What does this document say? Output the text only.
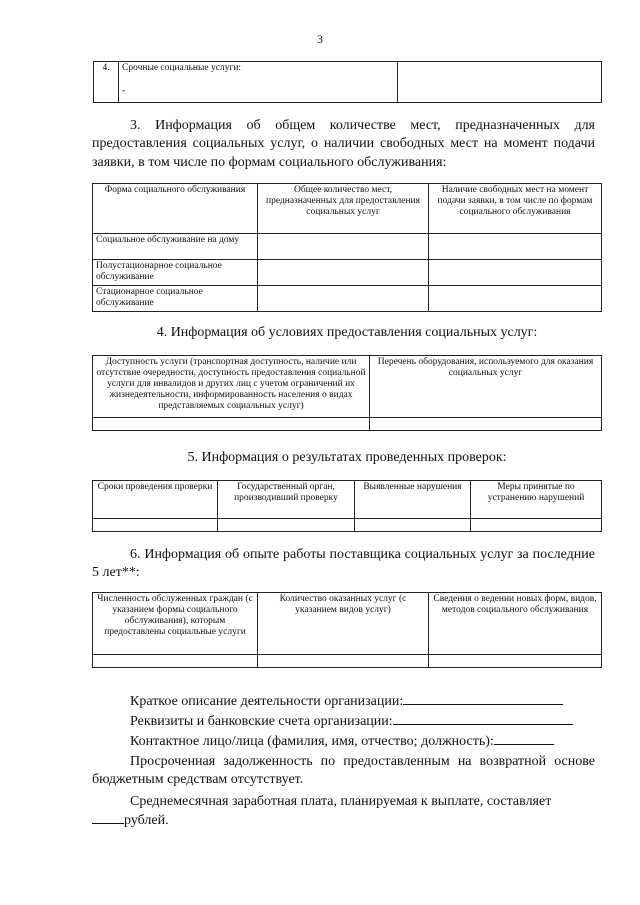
3
4.	Срочные социальные услуги:
-

3. Информация об общем количестве мест, предназначенных для предоставления социальных услуг, о наличии свободных мест на момент подачи заявки, в том числе по формам социального обслуживания:
Форма социального обслуживания	Общее количество мест, предназначенных для предоставления социальных услуг	Наличие свободных мест на момент подачи заявки, в том числе по формам социального обслуживания
Социальное обслуживание на дому		
Полустационарное социальное обслуживание		
Стационарное социальное обслуживание		
4. Информация об условиях предоставления социальных услуг:
Доступность услуги (транспортная доступность, наличие или отсутствие очередности, доступность предоставления социальной услуги для инвалидов и других лиц с учетом ограничений их жизнедеятельности, информированность населения о видах представляемых социальных услуг)	Перечень оборудования, используемого для оказания социальных услуг

5. Информация о результатах проведенных проверок:
Сроки проведения проверки	Государственный орган, производивший проверку	Выявленные нарушения	Меры принятые по устранению нарушений

6. Информация об опыте работы поставщика социальных услуг за последние 5 лет**:
Численность обслуженных граждан (с указанием формы социального обслуживания), которым предоставлены социальные услуги	Количество оказанных услуг (с указанием видов услуг)	Сведения о ведении новых форм, видов, методов социального обслуживания

Краткое описание деятельности организации:
Реквизиты и банковские счета организации:
Контактное лицо/лица (фамилия, имя, отчество; должность):
Просроченная задолженность по предоставленным на возвратной основе бюджетным средствам отсутствует.
Среднемесячная заработная плата, планируемая к выплате, составляет
рублей.
